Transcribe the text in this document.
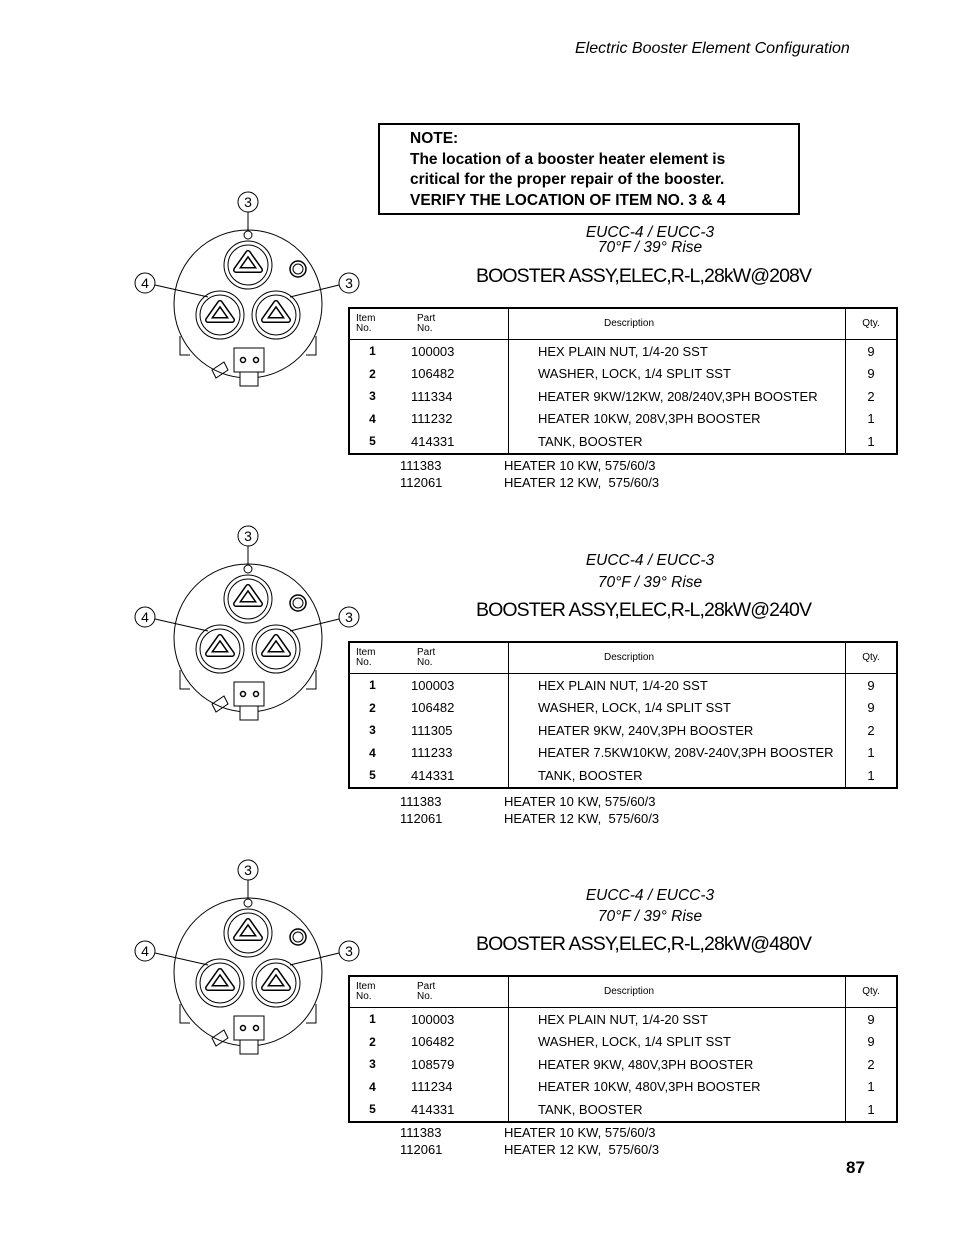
Electric Booster Element Configuration
NOTE:
The location of a booster heater element is
critical for the proper repair of the booster.
VERIFY THE LOCATION OF ITEM NO. 3 & 4
3
4	3
EUCC-4 / EUCC-3
70°F / 39° Rise
BOOSTER ASSY,ELEC,R-L,28kW@208V
Item
No.	Part
No.	Description	Qty.
1	100003	HEX PLAIN NUT, 1/4-20 SST	9
2	106482	WASHER, LOCK, 1/4 SPLIT SST	9
3	111334	HEATER 9KW/12KW, 208/240V,3PH BOOSTER	2
4	111232	HEATER 10KW, 208V,3PH BOOSTER	1
5	414331	TANK, BOOSTER	1
111383	HEATER 10 KW, 575/60/3
112061	HEATER 12 KW,  575/60/3
3
4	3
EUCC-4 / EUCC-3
70°F / 39° Rise
BOOSTER ASSY,ELEC,R-L,28kW@240V
Item
No.	Part
No.	Description	Qty.
1	100003	HEX PLAIN NUT, 1/4-20 SST	9
2	106482	WASHER, LOCK, 1/4 SPLIT SST	9
3	111305	HEATER 9KW, 240V,3PH BOOSTER	2
4	111233	HEATER 7.5KW10KW, 208V-240V,3PH BOOSTER	1
5	414331	TANK, BOOSTER	1
111383	HEATER 10 KW, 575/60/3
112061	HEATER 12 KW,  575/60/3
3
4	3
EUCC-4 / EUCC-3
70°F / 39° Rise
BOOSTER ASSY,ELEC,R-L,28kW@480V
Item
No.	Part
No.	Description	Qty.
1	100003	HEX PLAIN NUT, 1/4-20 SST	9
2	106482	WASHER, LOCK, 1/4 SPLIT SST	9
3	108579	HEATER 9KW, 480V,3PH BOOSTER	2
4	111234	HEATER 10KW, 480V,3PH BOOSTER	1
5	414331	TANK, BOOSTER	1
111383	HEATER 10 KW, 575/60/3
112061	HEATER 12 KW,  575/60/3
87
